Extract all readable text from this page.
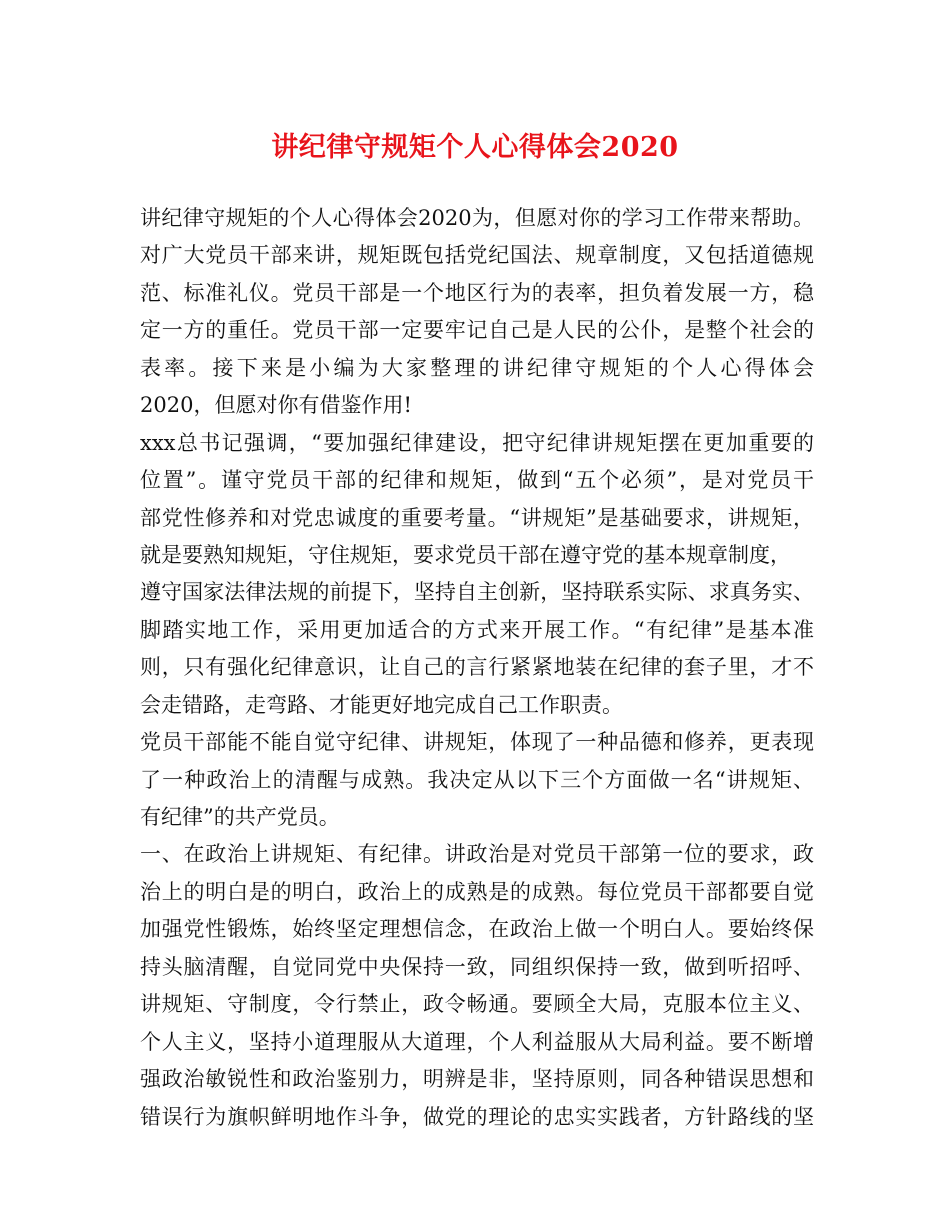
讲纪律守规矩个人心得体会2020
讲纪律守规矩的个人心得体会2020为，但愿对你的学习工作带来帮助。
对广大党员干部来讲，规矩既包括党纪国法、规章制度，又包括道德规
范、标准礼仪。党员干部是一个地区行为的表率，担负着发展一方，稳
定一方的重任。党员干部一定要牢记自己是人民的公仆，是整个社会的
表率。接下来是小编为大家整理的讲纪律守规矩的个人心得体会
2020，但愿对你有借鉴作用!
xxx总书记强调，“要加强纪律建设，把守纪律讲规矩摆在更加重要的
位置”。谨守党员干部的纪律和规矩，做到“五个必须”，是对党员干
部党性修养和对党忠诚度的重要考量。“讲规矩”是基础要求，讲规矩，
就是要熟知规矩，守住规矩，要求党员干部在遵守党的基本规章制度，
遵守国家法律法规的前提下，坚持自主创新，坚持联系实际、求真务实、
脚踏实地工作，采用更加适合的方式来开展工作。“有纪律”是基本准
则，只有强化纪律意识，让自己的言行紧紧地装在纪律的套子里，才不
会走错路，走弯路、才能更好地完成自己工作职责。
党员干部能不能自觉守纪律、讲规矩，体现了一种品德和修养，更表现
了一种政治上的清醒与成熟。我决定从以下三个方面做一名“讲规矩、
有纪律”的共产党员。
一、在政治上讲规矩、有纪律。讲政治是对党员干部第一位的要求，政
治上的明白是的明白，政治上的成熟是的成熟。每位党员干部都要自觉
加强党性锻炼，始终坚定理想信念，在政治上做一个明白人。要始终保
持头脑清醒，自觉同党中央保持一致，同组织保持一致，做到听招呼、
讲规矩、守制度，令行禁止，政令畅通。要顾全大局，克服本位主义、
个人主义，坚持小道理服从大道理，个人利益服从大局利益。要不断增
强政治敏锐性和政治鉴别力，明辨是非，坚持原则，同各种错误思想和
错误行为旗帜鲜明地作斗争，做党的理论的忠实实践者，方针路线的坚
